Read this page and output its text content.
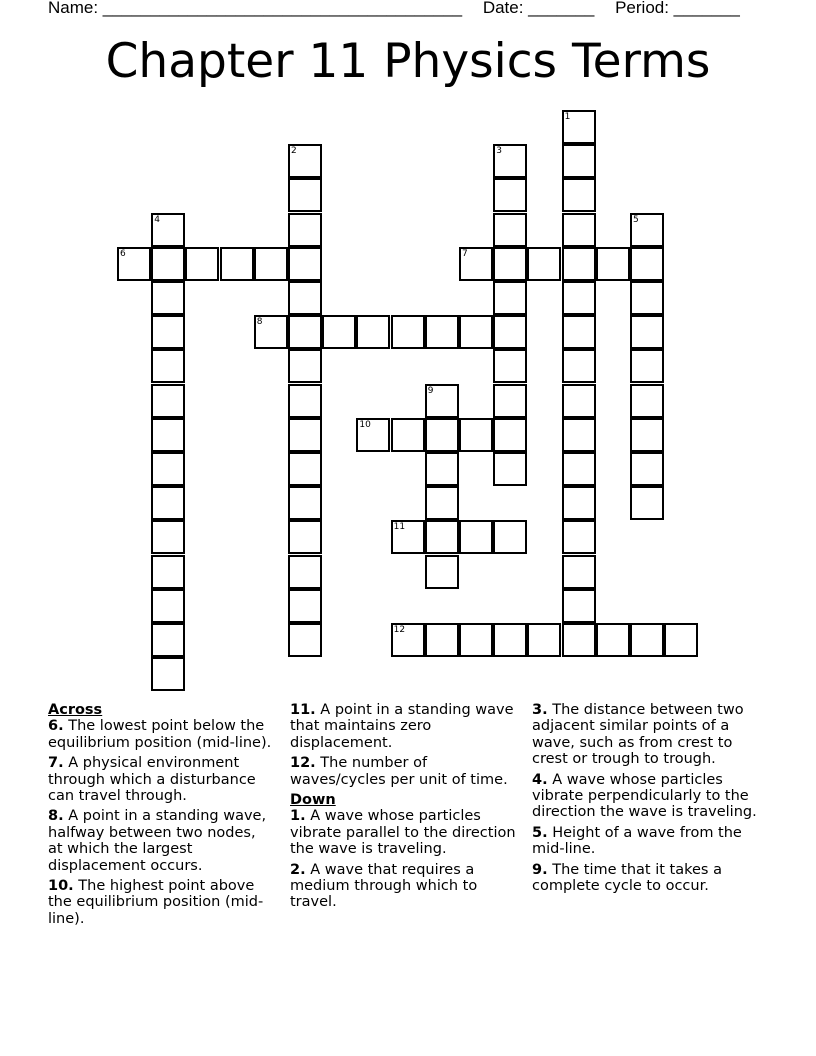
Name: ______________________________________ Date: _______ Period: _______
Chapter 11 Physics Terms
1
2	3
4	5
6	7
8
9
10
11
12
Across
6. The lowest point below the equilibrium position (mid-line).
7. A physical environment through which a disturbance can travel through.
8. A point in a standing wave, halfway between two nodes, at which the largest displacement occurs.
10. The highest point above the equilibrium position (mid-line).
11. A point in a standing wave that maintains zero displacement.
12. The number of waves/cycles per unit of time.
Down
1. A wave whose particles vibrate parallel to the direction the wave is traveling.
2. A wave that requires a medium through which to travel.
3. The distance between two adjacent similar points of a wave, such as from crest to crest or trough to trough.
4. A wave whose particles vibrate perpendicularly to the direction the wave is traveling.
5. Height of a wave from the mid-line.
9. The time that it takes a complete cycle to occur.
